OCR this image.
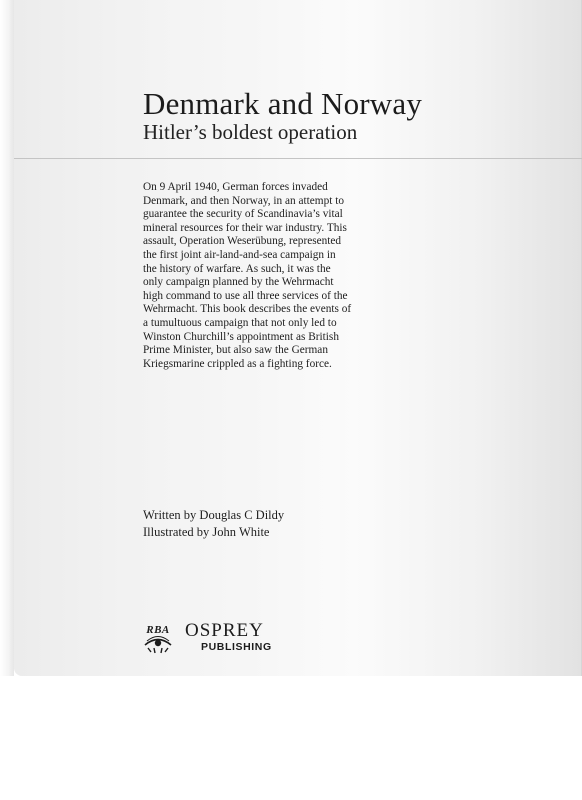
Denmark and Norway
Hitler’s boldest operation

On 9 April 1940, German forces invaded
Denmark, and then Norway, in an attempt to
guarantee the security of Scandinavia’s vital
mineral resources for their war industry. This
assault, Operation Weserübung, represented
the first joint air-land-and-sea campaign in
the history of warfare. As such, it was the
only campaign planned by the Wehrmacht
high command to use all three services of the
Wehrmacht. This book describes the events of
a tumultuous campaign that not only led to
Winston Churchill’s appointment as British
Prime Minister, but also saw the German
Kriegsmarine crippled as a fighting force.

Written by Douglas C Dildy
Illustrated by John White

RBA OSPREY
PUBLISHING
